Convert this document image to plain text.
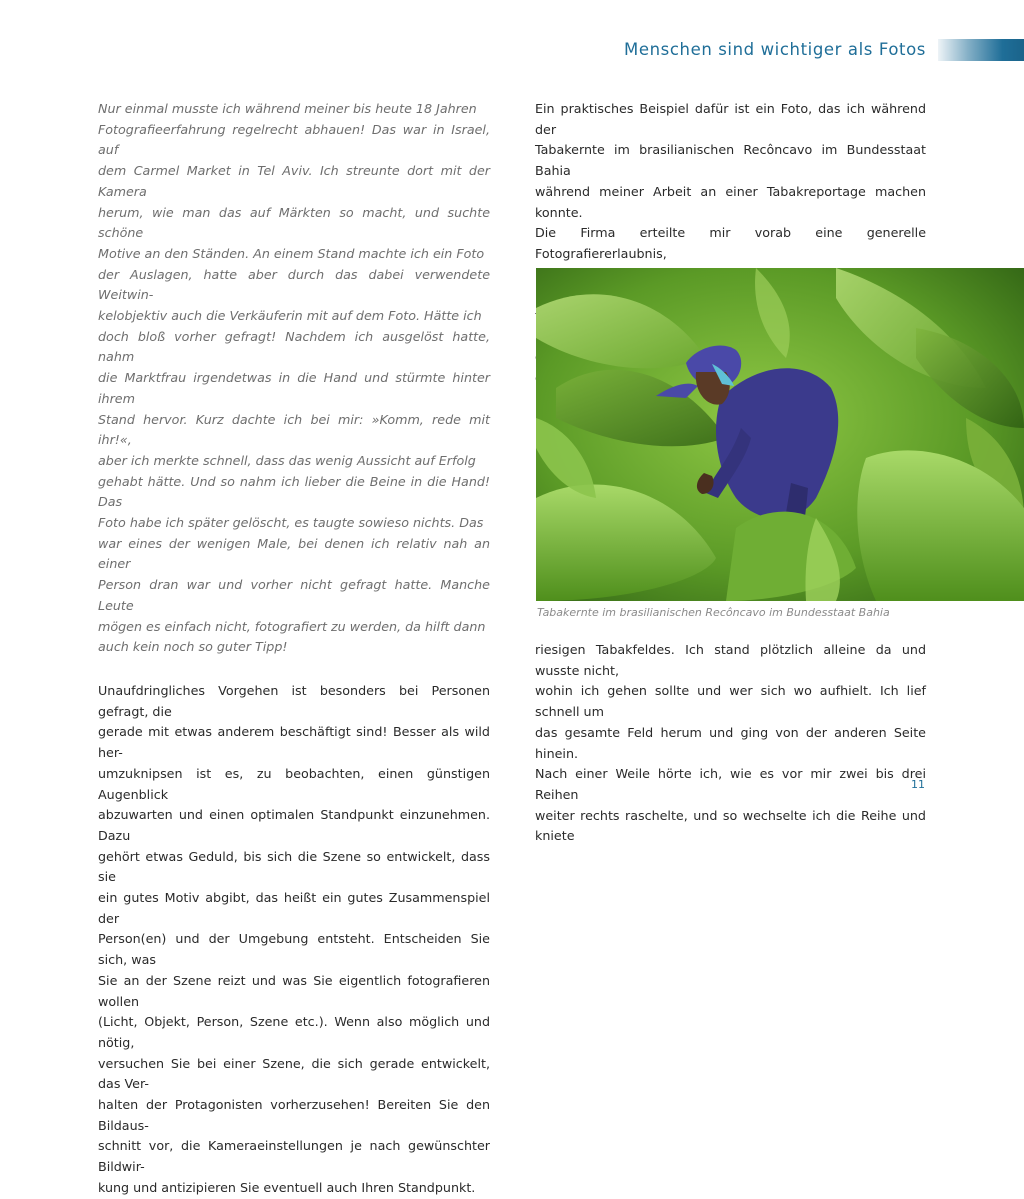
Menschen sind wichtiger als Fotos

Nur einmal musste ich während meiner bis heute 18 Jahren

Fotografieerfahrung regelrecht abhauen! Das war in Israel, auf

dem Carmel Market in Tel Aviv. Ich streunte dort mit der Kamera

herum, wie man das auf Märkten so macht, und suchte schöne

Motive an den Ständen. An einem Stand machte ich ein Foto

der Auslagen, hatte aber durch das dabei verwendete Weitwin-

kelobjektiv auch die Verkäuferin mit auf dem Foto. Hätte ich

doch bloß vorher gefragt! Nachdem ich ausgelöst hatte, nahm

die Marktfrau irgendetwas in die Hand und stürmte hinter ihrem

Stand hervor. Kurz dachte ich bei mir: »Komm, rede mit ihr!«,

aber ich merkte schnell, dass das wenig Aussicht auf Erfolg

gehabt hätte. Und so nahm ich lieber die Beine in die Hand! Das

Foto habe ich später gelöscht, es taugte sowieso nichts. Das

war eines der wenigen Male, bei denen ich relativ nah an einer

Person dran war und vorher nicht gefragt hatte. Manche Leute

mögen es einfach nicht, fotografiert zu werden, da hilft dann

auch kein noch so guter Tipp!

Unaufdringliches Vorgehen ist besonders bei Personen gefragt, die

gerade mit etwas anderem beschäftigt sind! Besser als wild her-

umzuknipsen ist es, zu beobachten, einen günstigen Augenblick

abzuwarten und einen optimalen Standpunkt einzunehmen. Dazu

gehört etwas Geduld, bis sich die Szene so entwickelt, dass sie

ein gutes Motiv abgibt, das heißt ein gutes Zusammenspiel der

Person(en) und der Umgebung entsteht. Entscheiden Sie sich, was

Sie an der Szene reizt und was Sie eigentlich fotografieren wollen

(Licht, Objekt, Person, Szene etc.). Wenn also möglich und nötig,

versuchen Sie bei einer Szene, die sich gerade entwickelt, das Ver-

halten der Protagonisten vorherzusehen! Bereiten Sie den Bildaus-

schnitt vor, die Kameraeinstellungen je nach gewünschter Bildwir-

kung und antizipieren Sie eventuell auch Ihren Standpunkt.

Ein praktisches Beispiel dafür ist ein Foto, das ich während der

Tabakernte im brasilianischen Recôncavo im Bundesstaat Bahia

während meiner Arbeit an einer Tabakreportage machen konnte.

Die Firma erteilte mir vorab eine generelle Fotografiererlaubnis,

Tabakernte im brasilianischen Recôncavo im Bundesstaat Bahia

riesigen Tabakfeldes. Ich stand plötzlich alleine da und wusste nicht,

wohin ich gehen sollte und wer sich wo aufhielt. Ich lief schnell um

das gesamte Feld herum und ging von der anderen Seite hinein.

Nach einer Weile hörte ich, wie es vor mir zwei bis drei Reihen

weiter rechts raschelte, und so wechselte ich die Reihe und kniete

11
